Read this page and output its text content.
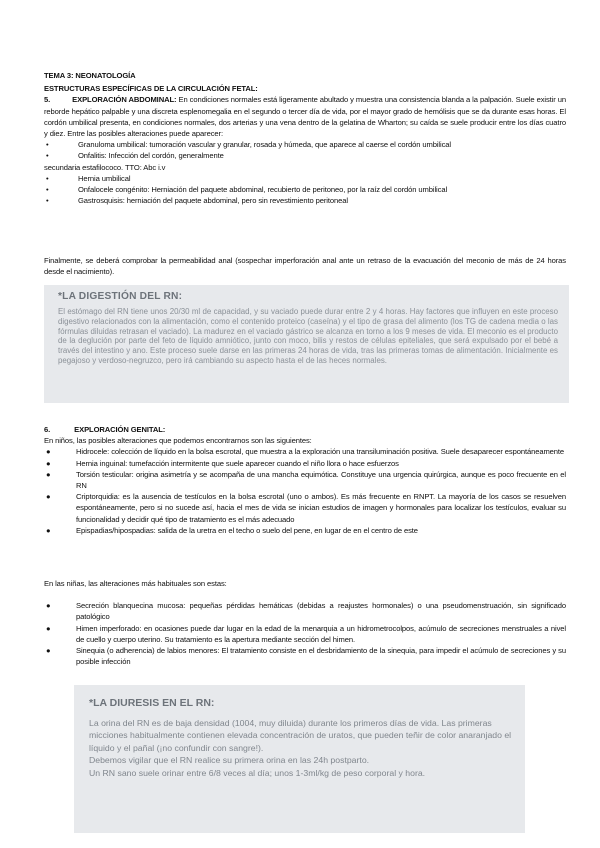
TEMA 3: NEONATOLOGÍA

ESTRUCTURAS ESPECÍFICAS DE LA CIRCULACIÓN FETAL:

5.	EXPLORACIÓN ABDOMINAL: En condiciones normales está ligeramente abultado y muestra una consistencia blanda a la palpación. Suele existir un reborde hepático palpable y una discreta esplenomegalia en el segundo o tercer día de vida, por el mayor grado de hemólisis que se da durante esas horas. El cordón umbilical presenta, en condiciones normales, dos arterias y una vena dentro de la gelatina de Wharton; su caída se suele producir entre los días cuatro y diez. Entre las posibles alteraciones puede aparecer:

•	Granuloma umbilical: tumoración vascular y granular, rosada y húmeda, que aparece al caerse el cordón umbilical
•	Onfalitis: Infección del cordón, generalmente

secundaria estafilococo. TTO: Abc i.v

•	Hernia umbilical
•	Onfalocele congénito: Herniación del paquete abdominal, recubierto de peritoneo, por la raíz del cordón umbilical
•	Gastrosquisis: herniación del paquete abdominal, pero sin revestimiento peritoneal
Finalmente, se deberá comprobar la permeabilidad anal (sospechar imperforación anal ante un retraso de la evacuación del meconio de más de 24 horas desde el nacimiento).
*LA DIGESTIÓN DEL RN:
El estómago del RN tiene unos 20/30 ml de capacidad, y su vaciado puede durar entre 2 y 4 horas. Hay factores que influyen en este proceso digestivo relacionados con la alimentación, como el contenido proteico (caseína) y el tipo de grasa del alimento (los TG de cadena media o las fórmulas diluidas retrasan el vaciado). La madurez en el vaciado gástrico se alcanza en torno a los 9 meses de vida. El meconio es el producto de la deglución por parte del feto de líquido amniótico, junto con moco, bilis y restos de células epiteliales, que será expulsado por el bebé a través del intestino y ano. Este proceso suele darse en las primeras 24 horas de vida, tras las primeras tomas de alimentación. Inicialmente es pegajoso y verdoso-negruzco, pero irá cambiando su aspecto hasta el de las heces normales.

6.	EXPLORACIÓN GENITAL:

En niños, las posibles alteraciones que podemos encontrarnos son las siguientes:

●	Hidrocele: colección de líquido en la bolsa escrotal, que muestra a la exploración una transiluminación positiva. Suele desaparecer espontáneamente
●	Hernia inguinal: tumefacción intermitente que suele aparecer cuando el niño llora o hace esfuerzos
●	Torsión testicular: origina asimetría y se acompaña de una mancha equimótica. Constituye una urgencia quirúrgica, aunque es poco frecuente en el RN
●	Criptorquidia: es la ausencia de testículos en la bolsa escrotal (uno o ambos). Es más frecuente en RNPT. La mayoría de los casos se resuelven espontáneamente, pero si no sucede así, hacia el mes de vida se inician estudios de imagen y hormonales para localizar los testículos, evaluar su funcionalidad y decidir qué tipo de tratamiento es el más adecuado
●	Epispadias/hipospadias: salida de la uretra en el techo o suelo del pene, en lugar de en el centro de este

En las niñas, las alteraciones más habituales son estas:

●	Secreción blanquecina mucosa: pequeñas pérdidas hemáticas (debidas a reajustes hormonales) o una pseudomenstruación, sin significado patológico
●	Himen imperforado: en ocasiones puede dar lugar en la edad de la menarquia a un hidrometrocolpos, acúmulo de secreciones menstruales a nivel de cuello y cuerpo uterino. Su tratamiento es la apertura mediante sección del himen.
●	Sinequia (o adherencia) de labios menores: El tratamiento consiste en el desbridamiento de la sinequia, para impedir el acúmulo de secreciones y su posible infección
*LA DIURESIS EN EL RN:
La orina del RN es de baja densidad (1004, muy diluida) durante los primeros días de vida. Las primeras micciones habitualmente contienen elevada concentración de uratos, que pueden teñir de color anaranjado el líquido y el pañal (¡no confundir con sangre!).
Debemos vigilar que el RN realice su primera orina en las 24h postparto.
Un RN sano suele orinar entre 6/8 veces al día; unos 1-3ml/kg de peso corporal y hora.
